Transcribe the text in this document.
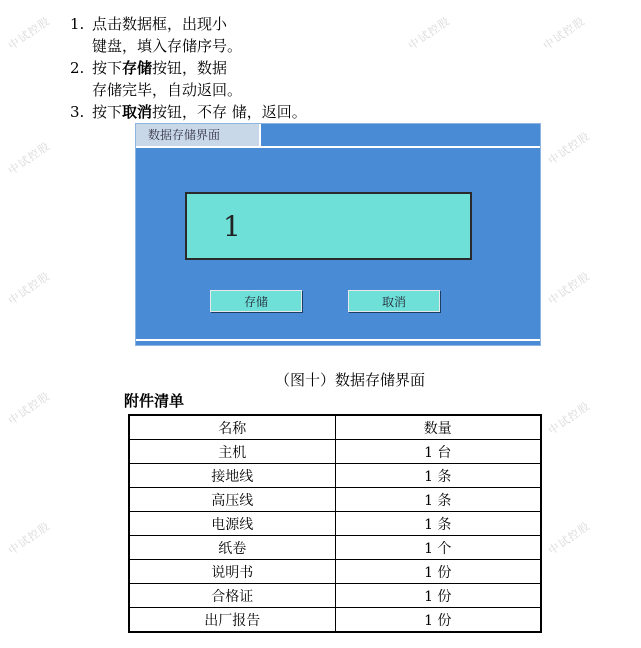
中试控股	中试控股	中试控股
中试控股	中试控股
中试控股	中试控股
中试控股	中试控股
中试控股	中试控股
1. 点击数据框，出现小
键盘，填入存储序号。
2. 按下存储按钮，数据
存储完毕，自动返回。
3. 按下取消按钮，不存 储，返回。
数据存储界面
1
存储	取消
（图十）数据存储界面
附件清单
名称	数量
主机	1 台
接地线	1 条
高压线	1 条
电源线	1 条
纸卷	1 个
说明书	1 份
合格证	1 份
出厂报告	1 份
